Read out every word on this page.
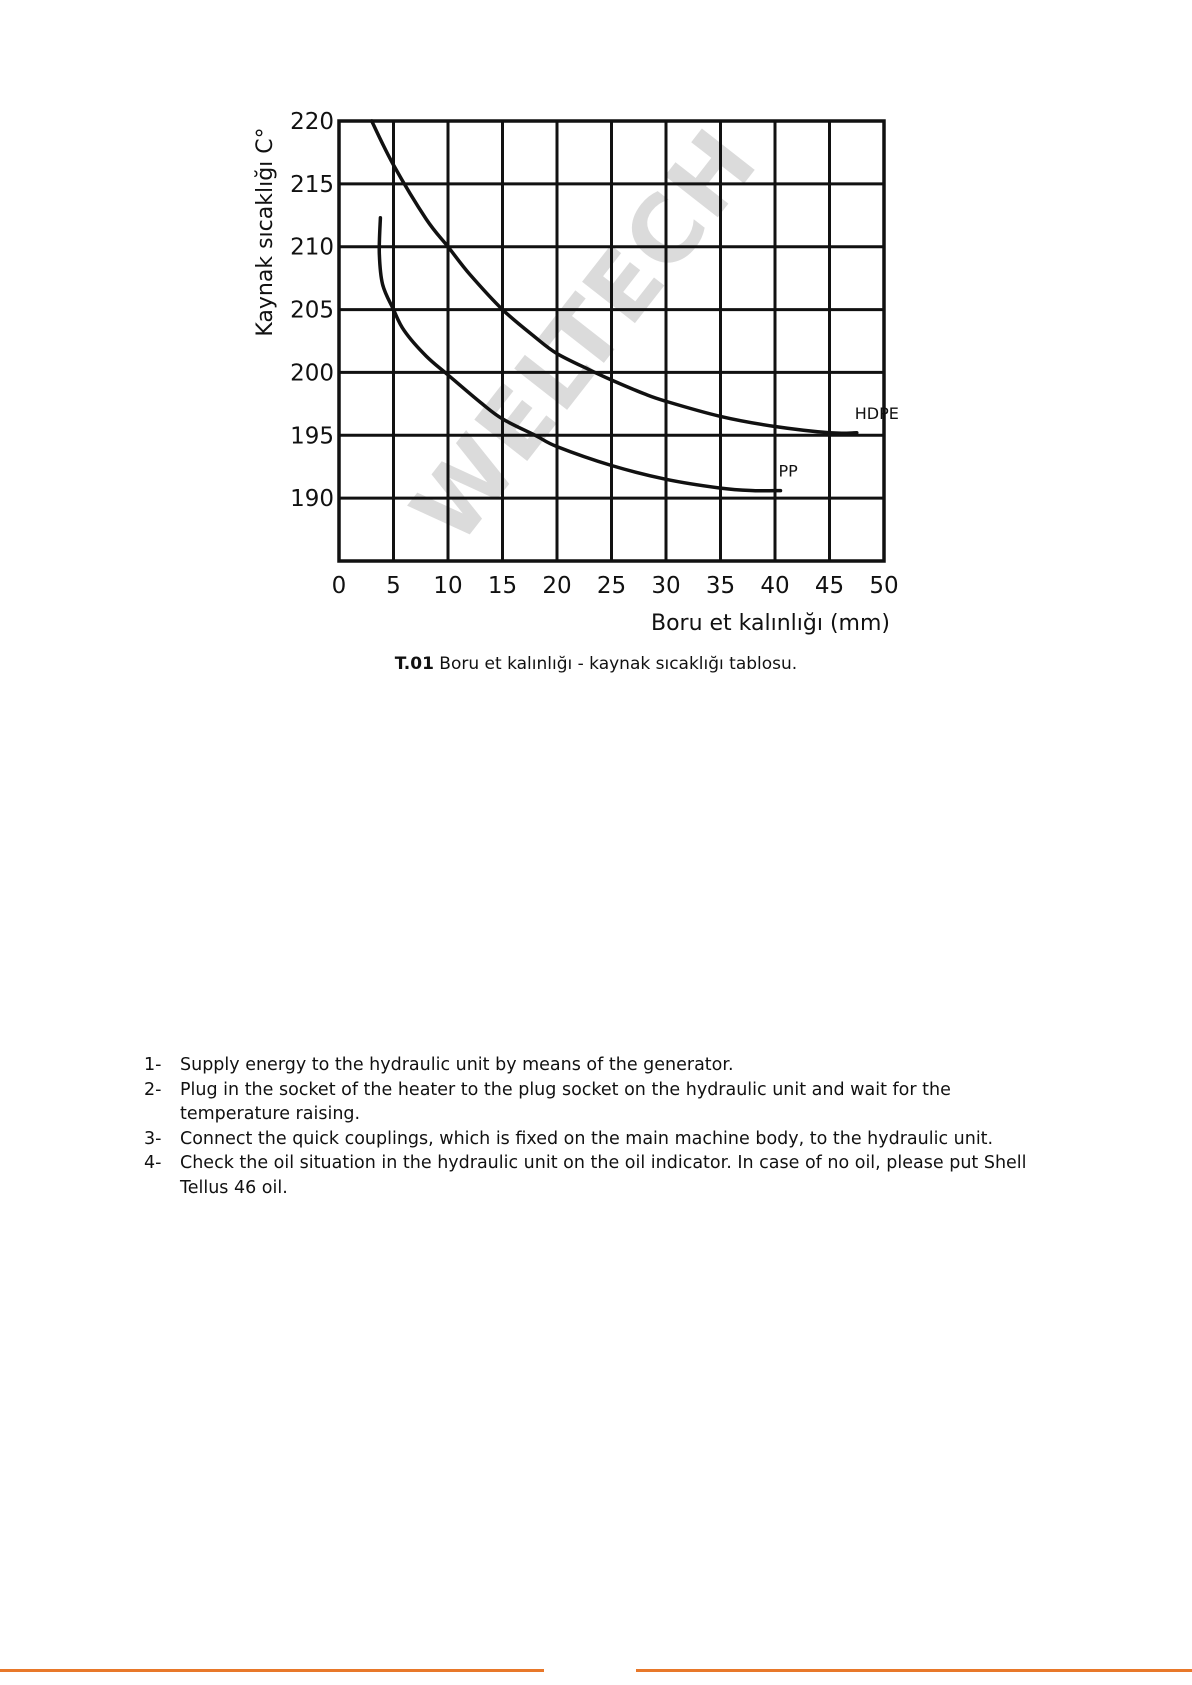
WELTECH	HDPE
PP
0 5 10 15 20 25 30 35 40 45 50
190
195
200
205
210
215
220
Kaynak sıcaklığı C°
Boru et kalınlığı (mm)
T.01 Boru et kalınlığı - kaynak sıcaklığı tablosu.
1- Supply energy to the hydraulic unit by means of the generator.
2- Plug in the socket of the heater to the plug socket on the hydraulic unit and wait for the temperature raising.
3- Connect the quick couplings, which is fixed on the main machine body, to the hydraulic unit.
4- Check the oil situation in the hydraulic unit on the oil indicator. In case of no oil, please put Shell Tellus 46 oil.
